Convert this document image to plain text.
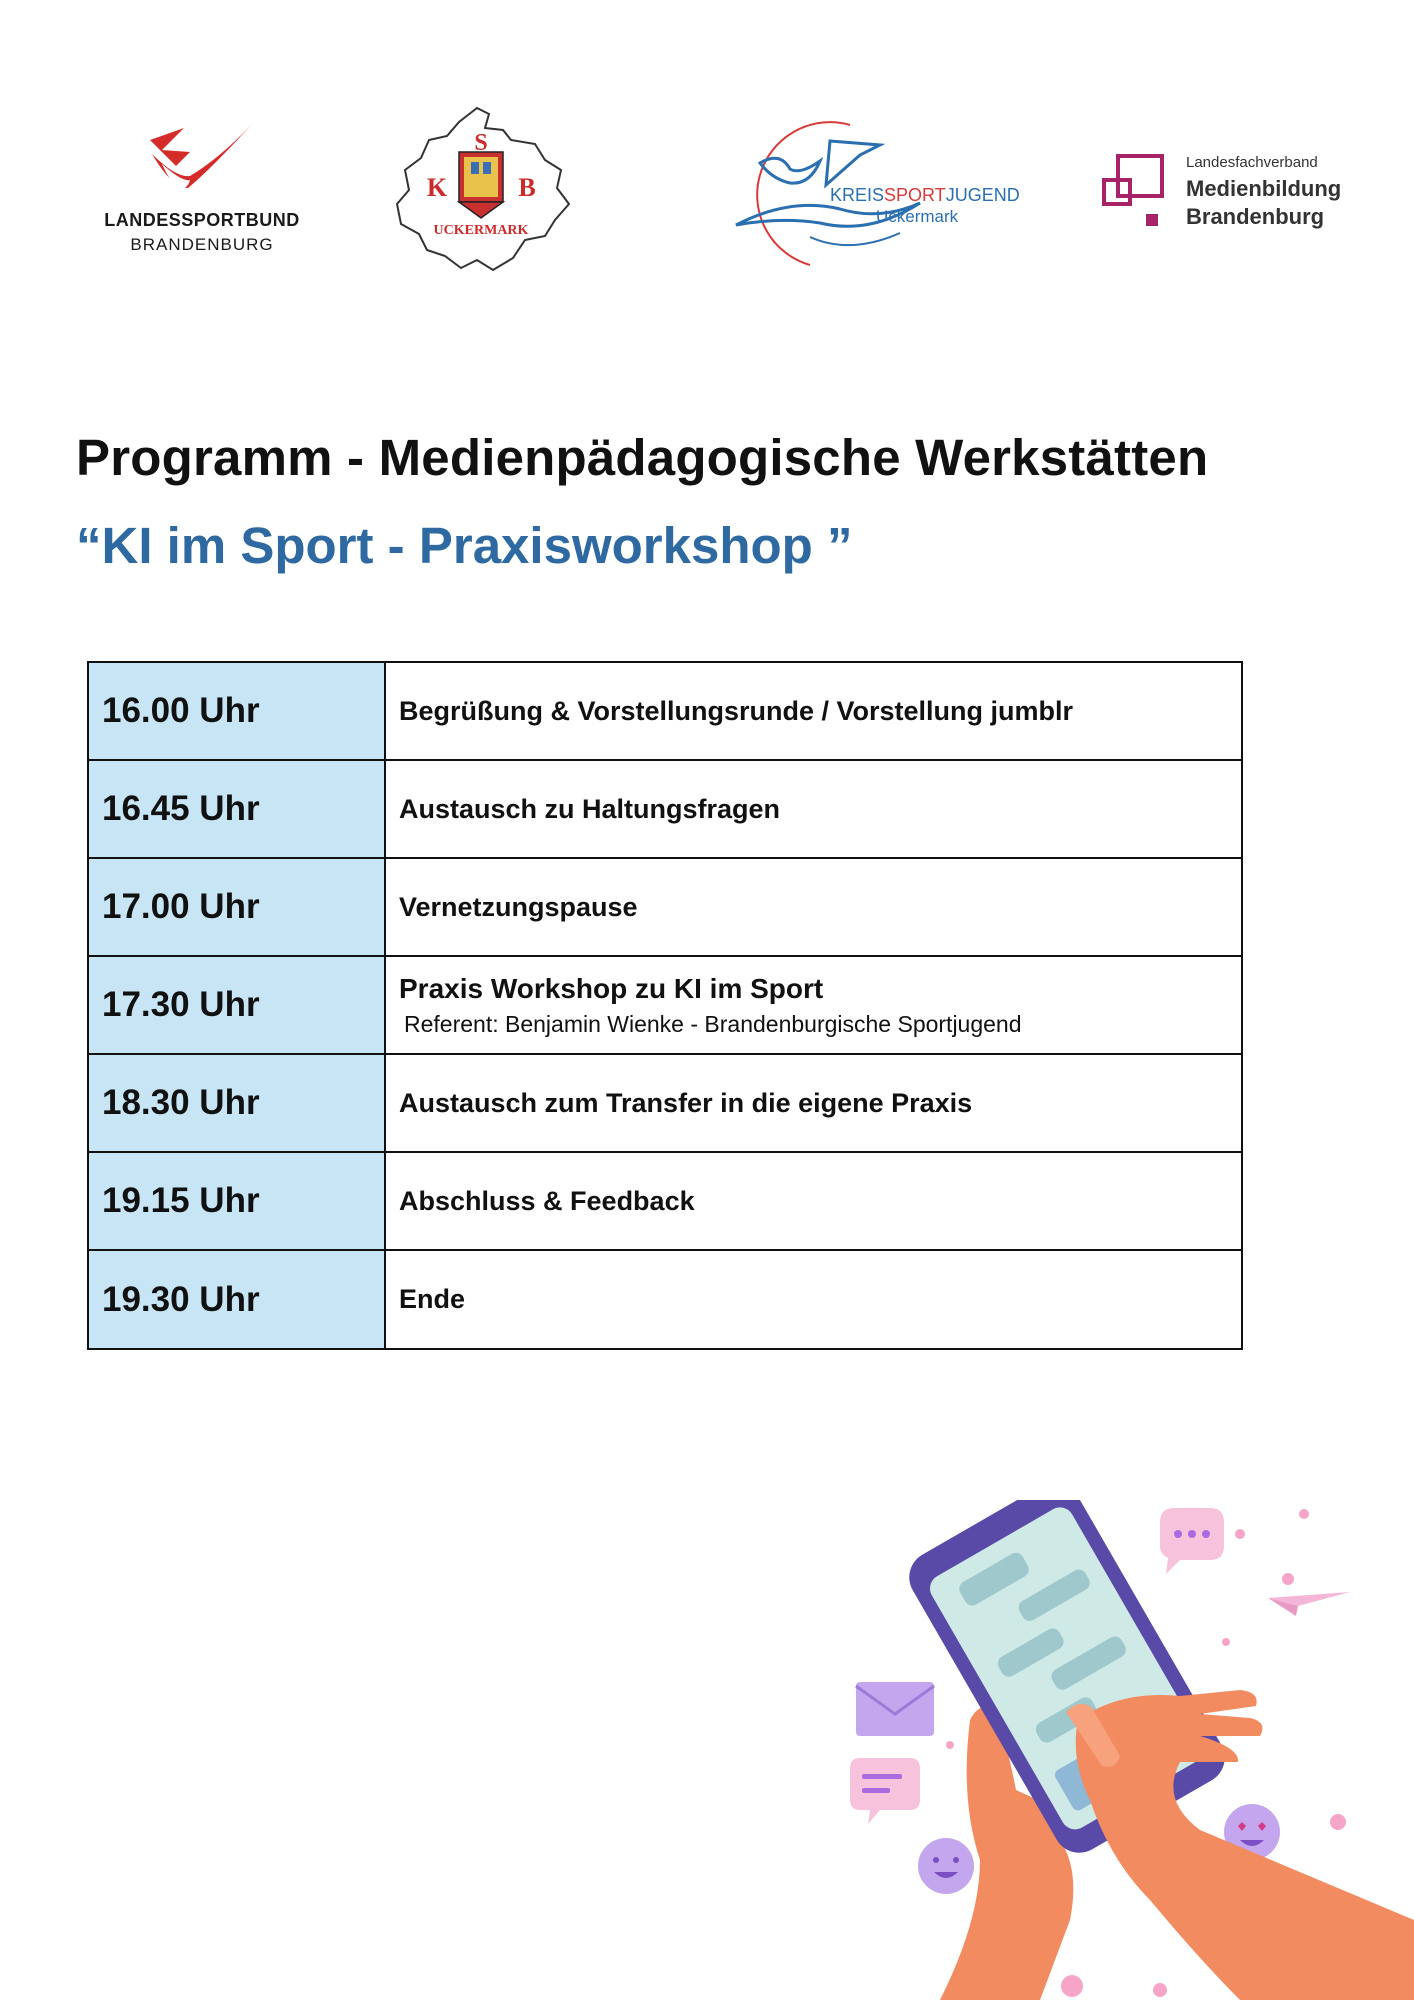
LANDESSPORTBUND
BRANDENBURG
S
K	B
UCKERMARK
KREISSPORTJUGEND
Uckermark
Landesfachverband
Medienbildung
Brandenburg
Programm - Medienpädagogische Werkstätten
“KI im Sport - Praxisworkshop ”
16.00 Uhr	Begrüßung & Vorstellungsrunde / Vorstellung jumblr
16.45 Uhr	Austausch zu Haltungsfragen
17.00 Uhr	Vernetzungspause
17.30 Uhr	Praxis Workshop zu KI im Sport
Referent: Benjamin Wienke - Brandenburgische Sportjugend
18.30 Uhr	Austausch zum Transfer in die eigene Praxis
19.15 Uhr	Abschluss & Feedback
19.30 Uhr	Ende
